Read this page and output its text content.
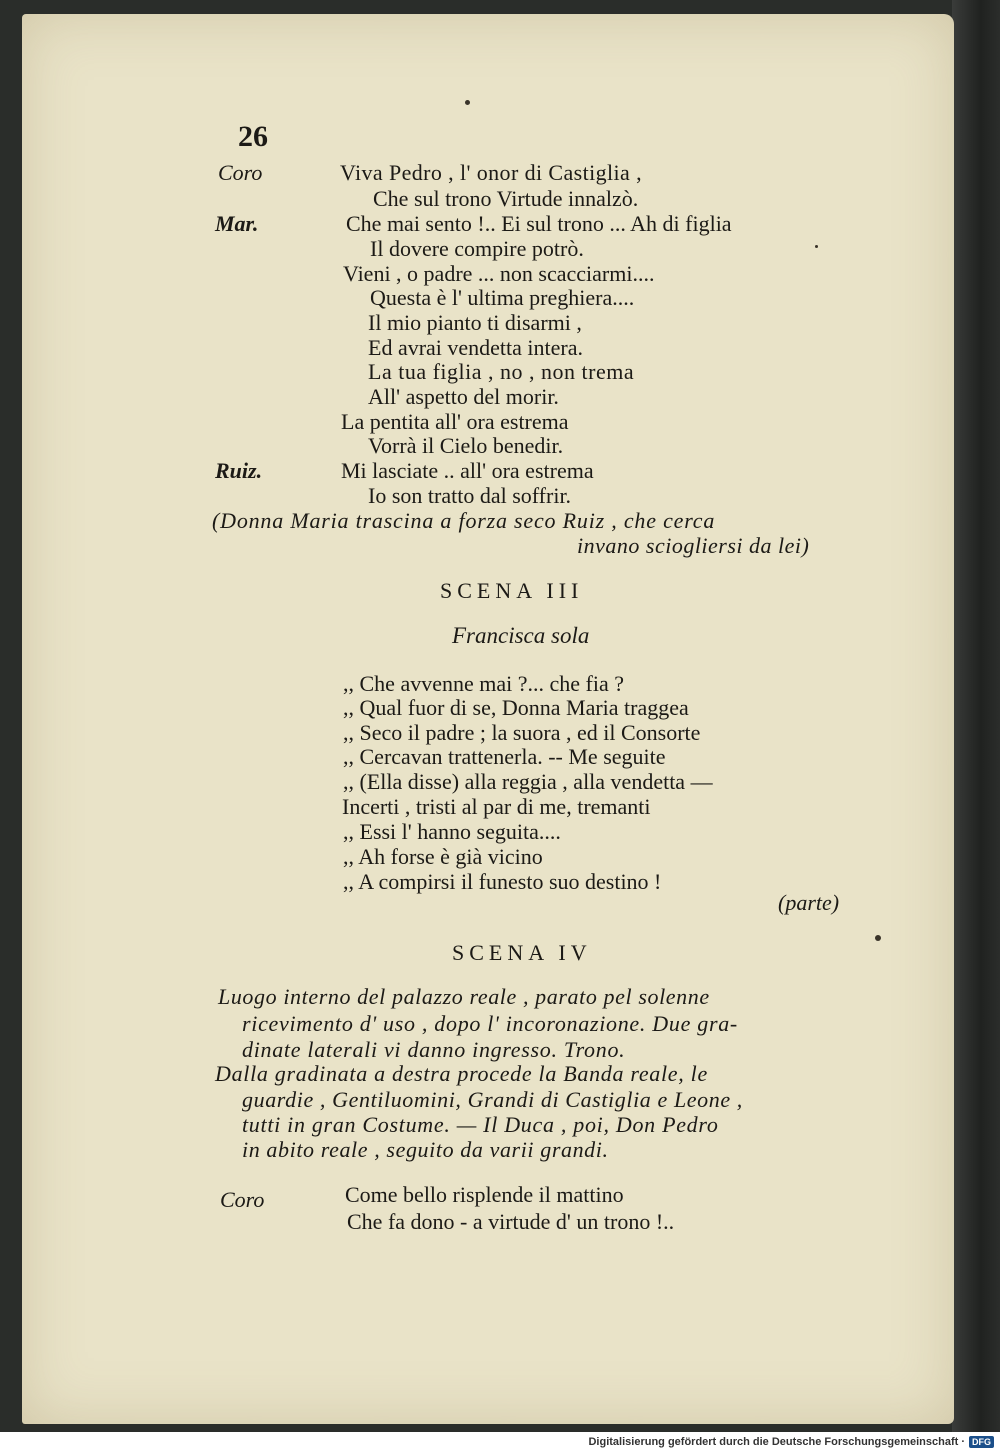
26
Coro
Mar.
Ruiz.
Viva Pedro , l' onor di Castiglia ,
Che sul trono Virtude innalzò.
Che mai sento !.. Ei sul trono ... Ah di figlia
Il dovere compire potrò.
Vieni , o padre ... non scacciarmi....
Questa è l' ultima preghiera....
Il mio pianto ti disarmi ,
Ed avrai vendetta intera.
La tua figlia , no , non trema
All' aspetto del morir.
La pentita all' ora estrema
Vorrà il Cielo benedir.
Mi lasciate .. all' ora estrema
Io son tratto dal soffrir.
(Donna Maria trascina a forza seco Ruiz , che cerca
invano sciogliersi da lei)
SCENA III
Francisca sola
,, Che avvenne mai ?... che fia ?
,, Qual fuor di se, Donna Maria traggea
,, Seco il padre ; la suora , ed il Consorte
,, Cercavan trattenerla. -- Me seguite
,, (Ella disse) alla reggia , alla vendetta —
Incerti , tristi al par di me, tremanti
,, Essi l' hanno seguita....
,, Ah forse è già vicino
,, A compirsi il funesto suo destino !
(parte)
SCENA IV
Luogo interno del palazzo reale , parato pel solenne
ricevimento d' uso , dopo l' incoronazione. Due gra-
dinate laterali vi danno ingresso. Trono.
Dalla gradinata a destra procede la Banda reale, le
guardie , Gentiluomini, Grandi di Castiglia e Leone ,
tutti in gran Costume. — Il Duca , poi, Don Pedro
in abito reale , seguito da varii grandi.
Coro	Come bello risplende il mattino
Che fa dono - a virtude d' un trono !..
Digitalisierung gefördert durch die Deutsche Forschungsgemeinschaft · DFG
